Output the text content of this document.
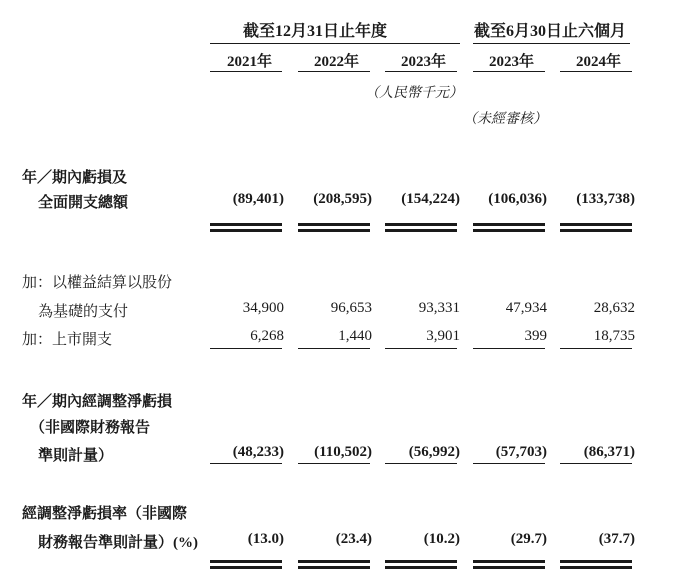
截至12月31日止年度	截至6月30日止六個月
2021年	2022年	2023年	2023年	2024年
（人民幣千元）
（未經審核）
年／期內虧損及
全面開支總額	(89,401)	(208,595)	(154,224)	(106,036)	(133,738)
加：以權益結算以股份
為基礎的支付	34,900	96,653	93,331	47,934	28,632
加：上市開支	6,268	1,440	3,901	399	18,735
年／期內經調整淨虧損
（非國際財務報告
準則計量）	(48,233)	(110,502)	(56,992)	(57,703)	(86,371)
經調整淨虧損率（非國際
財務報告準則計量）(%)	(13.0)	(23.4)	(10.2)	(29.7)	(37.7)
